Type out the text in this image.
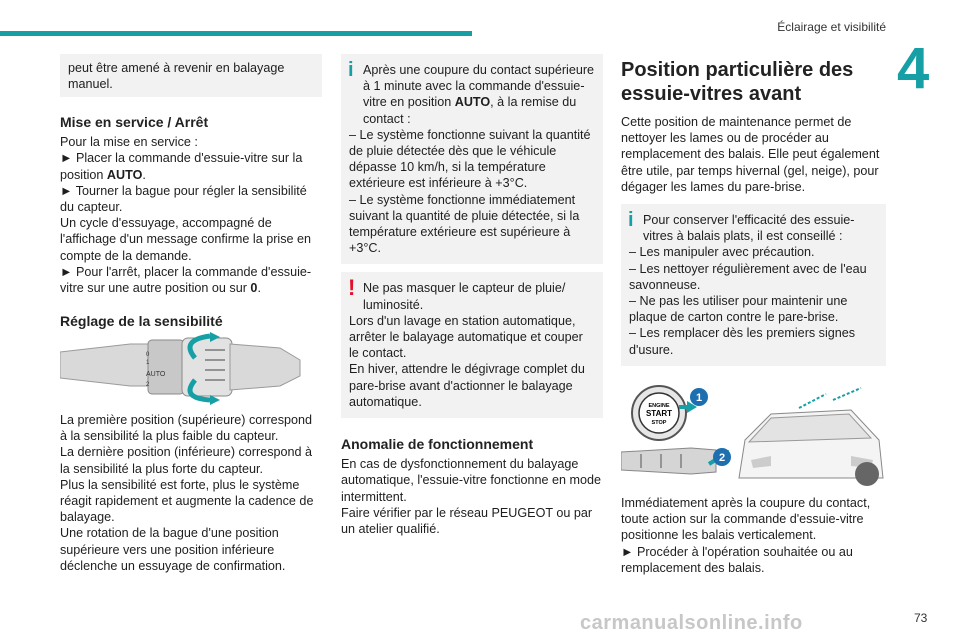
Éclairage et visibilité
4

peut être amené à revenir en balayage manuel.

Mise en service / Arrêt

Pour la mise en service :

► Placer la commande d'essuie-vitre sur la position AUTO.

► Tourner la bague pour régler la sensibilité du capteur.

Un cycle d'essuyage, accompagné de l'affichage d'un message confirme la prise en compte de la demande.

► Pour l'arrêt, placer la commande d'essuie-vitre sur une autre position ou sur 0.

Réglage de la sensibilité
AUTO
0
1
2

La première position (supérieure) correspond à la sensibilité la plus faible du capteur.

La dernière position (inférieure) correspond à la sensibilité la plus forte du capteur.

Plus la sensibilité est forte, plus le système réagit rapidement et augmente la cadence de balayage.

Une rotation de la bague d'une position supérieure vers une position inférieure déclenche un essuyage de confirmation.

i Après une coupure du contact supérieure à 1 minute avec la commande d'essuie-vitre en position AUTO, à la remise du contact :

– Le système fonctionne suivant la quantité de pluie détectée dès que le véhicule dépasse 10 km/h, si la température extérieure est inférieure à +3°C.

– Le système fonctionne immédiatement suivant la quantité de pluie détectée, si la température extérieure est supérieure à +3°C.

! Ne pas masquer le capteur de pluie/ luminosité.

Lors d'un lavage en station automatique, arrêter le balayage automatique et couper le contact.

En hiver, attendre le dégivrage complet du pare-brise avant d'actionner le balayage automatique.

Anomalie de fonctionnement

En cas de dysfonctionnement du balayage automatique, l'essuie-vitre fonctionne en mode intermittent.

Faire vérifier par le réseau PEUGEOT ou par un atelier qualifié.

Position particulière des essuie-vitres avant

Cette position de maintenance permet de nettoyer les lames ou de procéder au remplacement des balais. Elle peut également être utile, par temps hivernal (gel, neige), pour dégager les lames du pare-brise.

i Pour conserver l'efficacité des essuie-vitres à balais plats, il est conseillé :

– Les manipuler avec précaution.

– Les nettoyer régulièrement avec de l'eau savonneuse.

– Ne pas les utiliser pour maintenir une plaque de carton contre le pare-brise.

– Les remplacer dès les premiers signes d'usure.

ENGINE
START
STOP
1
2

Immédiatement après la coupure du contact, toute action sur la commande d'essuie-vitre positionne les balais verticalement.

► Procéder à l'opération souhaitée ou au remplacement des balais.

carmanualsonline.info	73
